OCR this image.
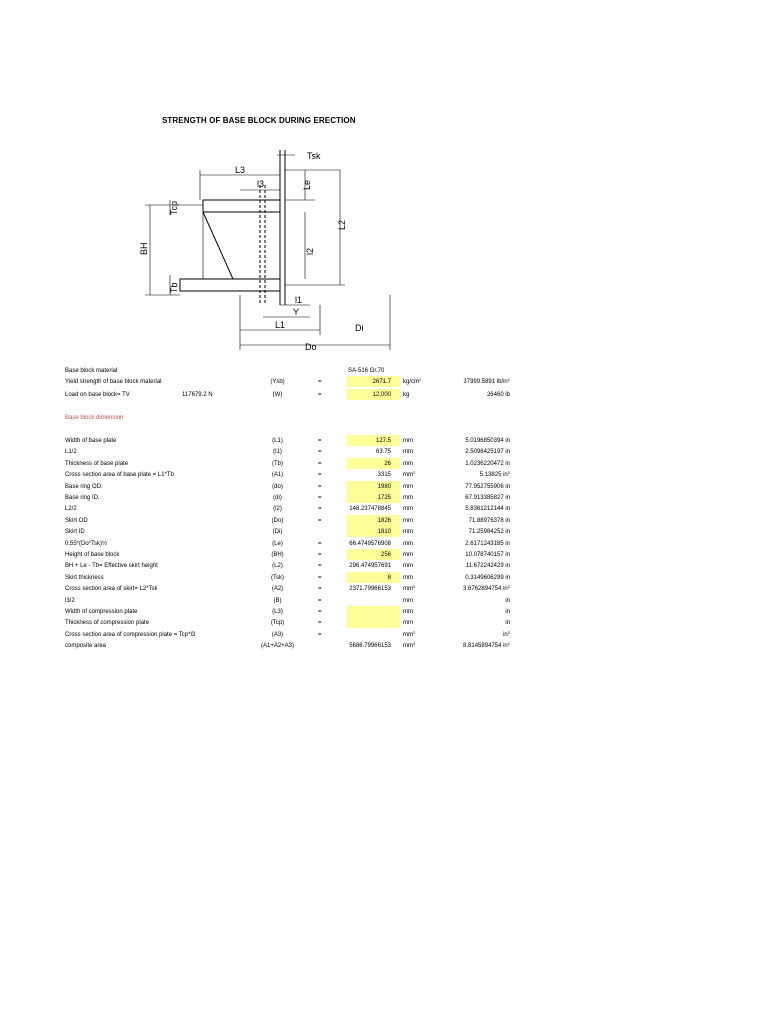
STRENGTH OF BASE BLOCK DURING ERECTION
Tsk
L3
l3	Le
L2
l2
Tcp
BH
Tb
l1
Y
L1	Di
Do
Base block material	SA-516 Gr.70
Yield strength of base block material	(Ysb)	=	2671.7 $kg/cm^2$	37999.5891 $lb/in^2$
Load on base block= TV	117679.2 N	(W)	=	12,000 kg	26460 lb
Base block dimension
Width of base plate	(L1)	=	127.5 mm	5.0196850394 in
L1/2	(l1)	=	63.75 mm	2.5098425197 in
Thickness of base plate	(Tb)	=	26 mm	1.0236220472 in
Cross section area of base plate = L1*Tb	(A1)	=	3315 $mm^2$	5.13825 $in^2$
Base ring OD.	(do)	=	1980 mm	77.952755906 in
Base ring ID.	(di)	=	1725 mm	67.913385827 in
L2/2	(l2)	=	148.237478845 mm	5.8361212144 in
Skirt OD	(Do)	=	1826 mm	71.88976378 in
Skirt ID	(Di)	1810 mm	71.25984252 in
0.55*(Do*Tsk)½	(Le)	=	66.4749576908 mm	2.6171243185 in
Height of base block	(BH)	=	256 mm	10.078740157 in
BH + Le - Tb= Effective skirt height	(L2)	=	296.474957691 mm	11.672242429 in
Skirt thickness	(Tsk)	=	8 mm	0.3149606299 in
Cross section area of skirt= L2*Tsk	(A2)	=	2371.79966153 $mm^2$	3.6762894754 $in^2$
l3/2	(B)	=	mm	in
Width of compression plate	(L3)	=	mm	in
Thickness of compression plate	(Tcp)	=	mm	in
Cross section area of compression plate = Tcp*l3	(A3)	=	$mm^2$	$in^2$
composite area	(A1+A2+A3)	5686.79966153 $mm^2$	8.8145894754 $in^2$
